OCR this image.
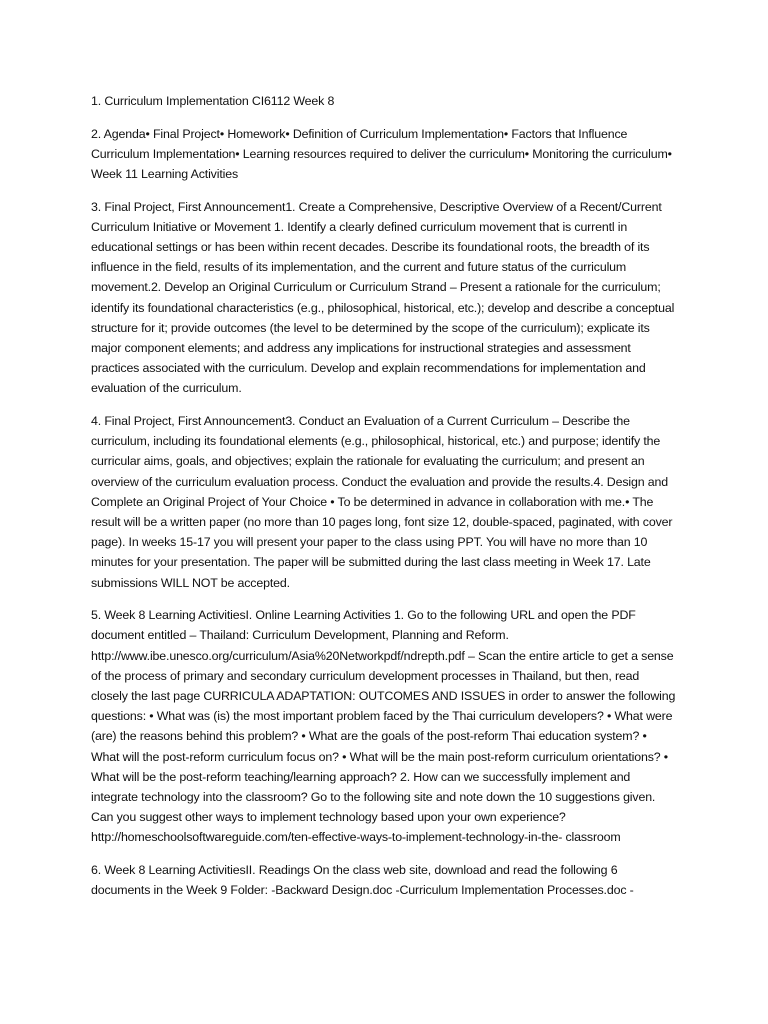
1. Curriculum Implementation CI6112 Week 8

2. Agenda• Final Project• Homework• Definition of Curriculum Implementation• Factors that Influence Curriculum Implementation• Learning resources required to deliver the curriculum• Monitoring the curriculum• Week 11 Learning Activities

3. Final Project, First Announcement1. Create a Comprehensive, Descriptive Overview of a Recent/Current Curriculum Initiative or Movement 1. Identify a clearly defined curriculum movement that is currentl in educational settings or has been within recent decades. Describe its foundational roots, the breadth of its influence in the field, results of its implementation, and the current and future status of the curriculum movement.2. Develop an Original Curriculum or Curriculum Strand – Present a rationale for the curriculum; identify its foundational characteristics (e.g., philosophical, historical, etc.); develop and describe a conceptual structure for it; provide outcomes (the level to be determined by the scope of the curriculum); explicate its major component elements; and address any implications for instructional strategies and assessment practices associated with the curriculum. Develop and explain recommendations for implementation and evaluation of the curriculum.

4. Final Project, First Announcement3. Conduct an Evaluation of a Current Curriculum – Describe the curriculum, including its foundational elements (e.g., philosophical, historical, etc.) and purpose; identify the curricular aims, goals, and objectives; explain the rationale for evaluating the curriculum; and present an overview of the curriculum evaluation process. Conduct the evaluation and provide the results.4. Design and Complete an Original Project of Your Choice • To be determined in advance in collaboration with me.• The result will be a written paper (no more than 10 pages long, font size 12, double-spaced, paginated, with cover page). In weeks 15-17 you will present your paper to the class using PPT. You will have no more than 10 minutes for your presentation. The paper will be submitted during the last class meeting in Week 17. Late submissions WILL NOT be accepted.

5. Week 8 Learning ActivitiesI. Online Learning Activities 1. Go to the following URL and open the PDF document entitled – Thailand: Curriculum Development, Planning and Reform. http://www.ibe.unesco.org/curriculum/Asia%20Networkpdf/ndrepth.pdf – Scan the entire article to get a sense of the process of primary and secondary curriculum development processes in Thailand, but then, read closely the last page CURRICULA ADAPTATION: OUTCOMES AND ISSUES in order to answer the following questions: • What was (is) the most important problem faced by the Thai curriculum developers? • What were (are) the reasons behind this problem? • What are the goals of the post-reform Thai education system? • What will the post-reform curriculum focus on? • What will be the main post-reform curriculum orientations? • What will be the post-reform teaching/learning approach? 2. How can we successfully implement and integrate technology into the classroom? Go to the following site and note down the 10 suggestions given. Can you suggest other ways to implement technology based upon your own experience?http://homeschoolsoftwareguide.com/ten-effective-ways-to-implement-technology-in-the- classroom

6. Week 8 Learning ActivitiesII. Readings On the class web site, download and read the following 6 documents in the Week 9 Folder: -Backward Design.doc -Curriculum Implementation Processes.doc -
